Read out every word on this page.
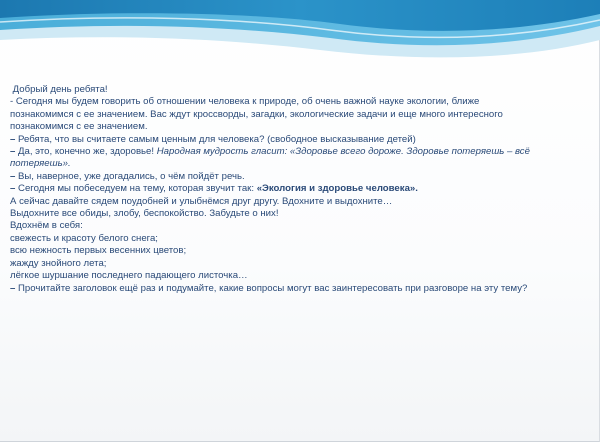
Добрый день ребята!

- Сегодня мы будем говорить об отношении человека к природе, об очень важной науке экологии, ближе

познакомимся с ее значением. Вас ждут кроссворды, загадки, экологические задачи и еще много интересного

познакомимся с ее значением.

– Ребята, что вы считаете самым ценным для человека? (свободное высказывание детей)

– Да, это, конечно же, здоровье! Народная мудрость гласит: «Здоровье всего дороже. Здоровье потеряешь – всё

потеряешь».

– Вы, наверное, уже догадались, о чём пойдёт речь.

– Сегодня мы побеседуем на тему, которая звучит так: «Экология и здоровье человека».

А сейчас давайте сядем поудобней и улыбнёмся друг другу. Вдохните и выдохните…

Выдохните все обиды, злобу, беспокойство. Забудьте о них!

Вдохнём в себя:

свежесть и красоту белого снега;

всю нежность первых весенних цветов;

жажду знойного лета;

лёгкое шуршание последнего падающего листочка…

– Прочитайте заголовок ещё раз и подумайте, какие вопросы могут вас заинтересовать при разговоре на эту тему?
